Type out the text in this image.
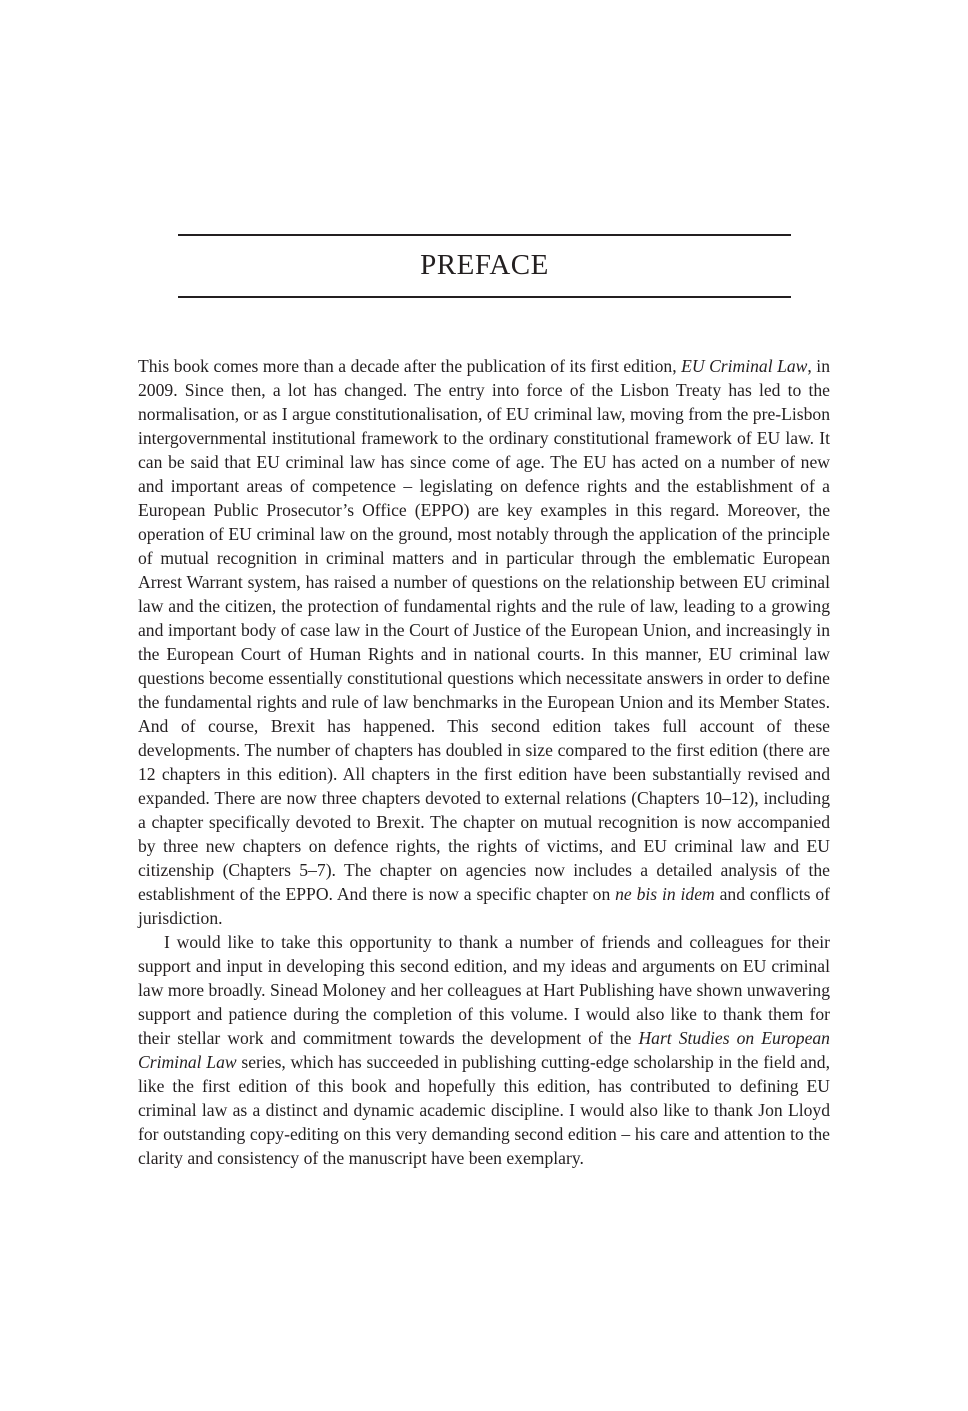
PREFACE

This book comes more than a decade after the publication of its first edition, EU Criminal Law, in 2009. Since then, a lot has changed. The entry into force of the Lisbon Treaty has led to the normalisation, or as I argue constitutionalisation, of EU criminal law, moving from the pre-Lisbon intergovernmental institutional framework to the ordinary constitutional framework of EU law. It can be said that EU criminal law has since come of age. The EU has acted on a number of new and important areas of competence – legislating on defence rights and the establishment of a European Public Prosecutor’s Office (EPPO) are key examples in this regard. Moreover, the operation of EU criminal law on the ground, most notably through the application of the principle of mutual recognition in criminal matters and in particular through the emblematic European Arrest Warrant system, has raised a number of questions on the relationship between EU criminal law and the citizen, the protection of fundamental rights and the rule of law, leading to a growing and important body of case law in the Court of Justice of the European Union, and increasingly in the European Court of Human Rights and in national courts. In this manner, EU criminal law questions become essentially constitutional questions which necessitate answers in order to define the fundamental rights and rule of law benchmarks in the European Union and its Member States. And of course, Brexit has happened. This second edition takes full account of these developments. The number of chapters has doubled in size compared to the first edition (there are 12 chapters in this edition). All chapters in the first edition have been substantially revised and expanded. There are now three chapters devoted to external relations (Chapters 10–12), including a chapter specifically devoted to Brexit. The chapter on mutual recognition is now accompanied by three new chapters on defence rights, the rights of victims, and EU criminal law and EU citizenship (Chapters 5–7). The chapter on agencies now includes a detailed analysis of the establishment of the EPPO. And there is now a specific chapter on ne bis in idem and conflicts of jurisdiction.

I would like to take this opportunity to thank a number of friends and colleagues for their support and input in developing this second edition, and my ideas and arguments on EU criminal law more broadly. Sinead Moloney and her colleagues at Hart Publishing have shown unwavering support and patience during the completion of this volume. I would also like to thank them for their stellar work and commitment towards the development of the Hart Studies on European Criminal Law series, which has succeeded in publishing cutting-edge scholarship in the field and, like the first edition of this book and hopefully this edition, has contributed to defining EU criminal law as a distinct and dynamic academic discipline. I would also like to thank Jon Lloyd for outstanding copy-editing on this very demanding second edition – his care and attention to the clarity and consistency of the manuscript have been exemplary.
